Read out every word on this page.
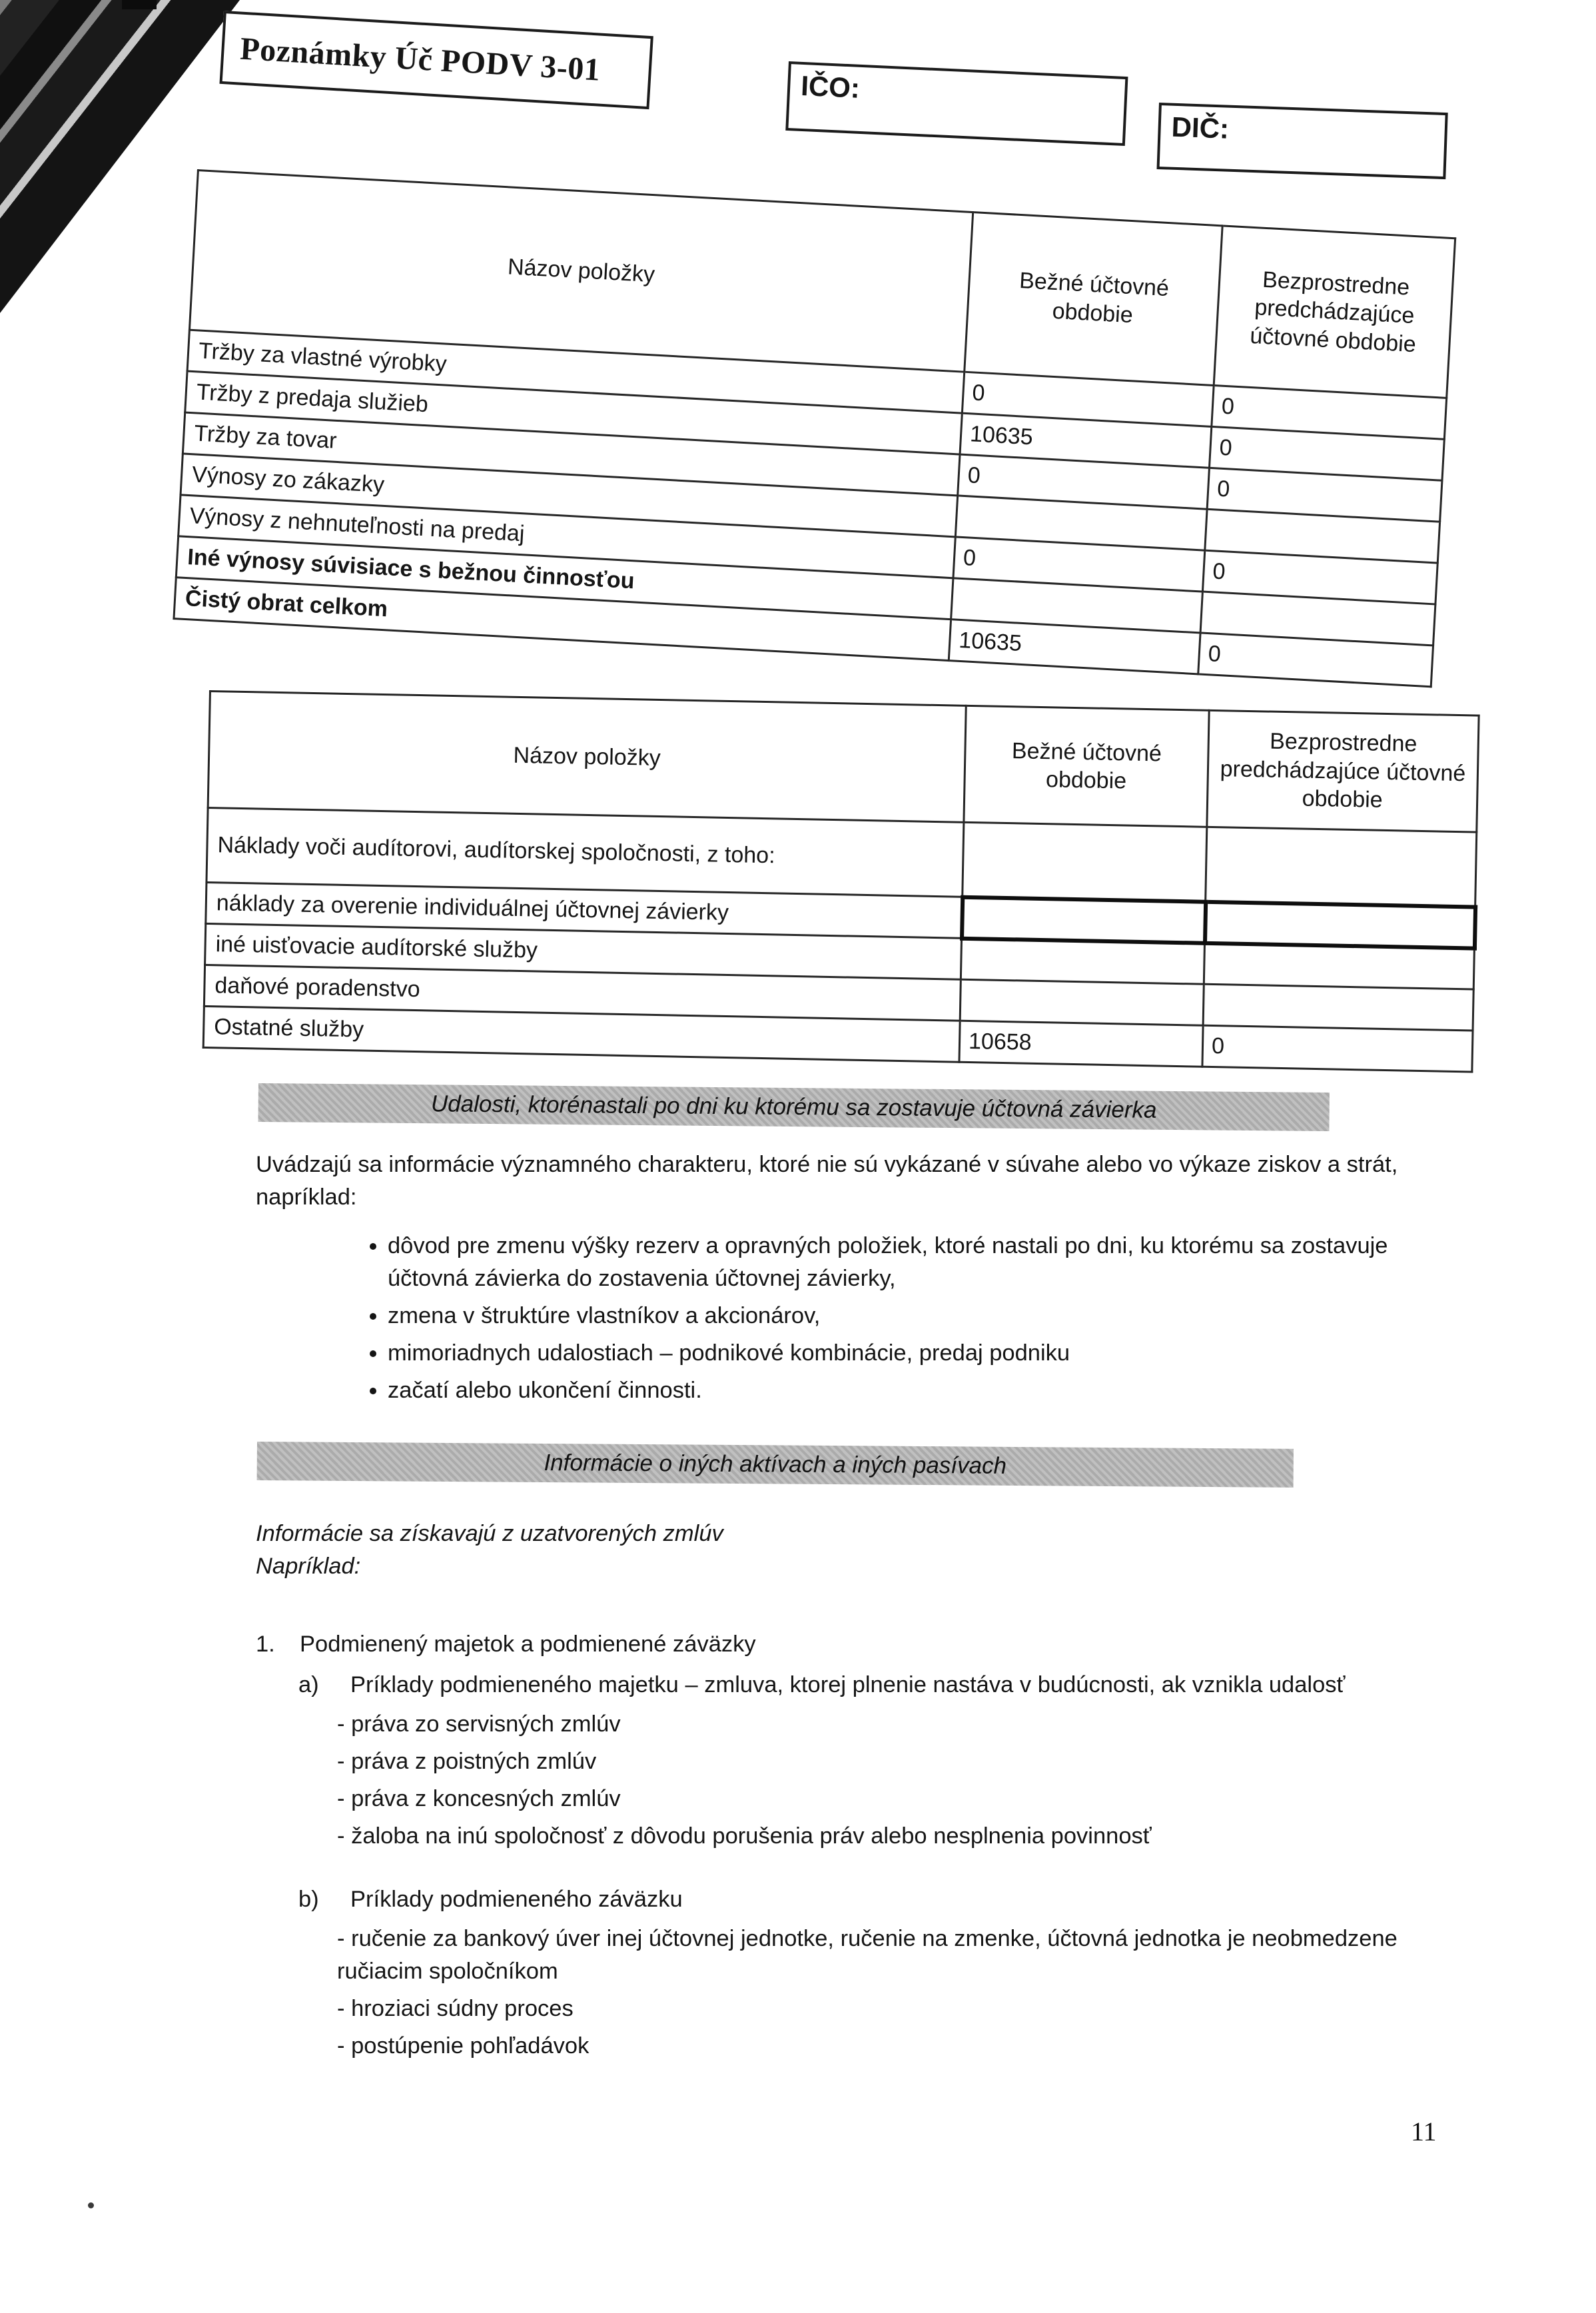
Poznámky Úč PODV 3-01	IČO:
DIČ:
Názov položky	Bežné účtovné obdobie	Bezprostredne predchádzajúce účtovné obdobie
Tržby za vlastné výrobky	0	0
Tržby z predaja služieb	10635	0
Tržby za tovar	0	0
Výnosy zo zákazky		
Výnosy z nehnuteľnosti na predaj	0	0
Iné výnosy súvisiace s bežnou činnosťou		
Čistý obrat celkom	10635	0
Názov položky	Bežné účtovné obdobie	Bezprostredne predchádzajúce účtovné obdobie
Náklady voči audítorovi, audítorskej spoločnosti, z toho:		
náklady za overenie individuálnej účtovnej závierky		
iné uisťovacie audítorské služby		
daňové poradenstvo		
Ostatné služby	10658	0
Udalosti, ktorénastali po dni ku ktorému sa zostavuje účtovná závierka
Uvádzajú sa informácie významného charakteru, ktoré nie sú vykázané v súvahe alebo vo výkaze ziskov a strát, napríklad:
• dôvod pre zmenu výšky rezerv a opravných položiek, ktoré nastali po dni, ku ktorému sa zostavuje účtovná závierka do zostavenia účtovnej závierky,
• zmena v štruktúre vlastníkov a akcionárov,
• mimoriadnych udalostiach – podnikové kombinácie, predaj podniku
• začatí alebo ukončení činnosti.
Informácie o iných aktívach a iných pasívach
Informácie sa získavajú z uzatvorených zmlúv
Napríklad:
1.	Podmienený majetok a podmienené záväzky
a)	Príklady podmieneného majetku – zmluva, ktorej plnenie nastáva v budúcnosti, ak vznikla udalosť
- práva zo servisných zmlúv
- práva z poistných zmlúv
- práva z koncesných zmlúv
- žaloba na inú spoločnosť z dôvodu porušenia práv alebo nesplnenia povinnosť
b)	Príklady podmieneného záväzku
- ručenie za bankový úver inej účtovnej jednotke, ručenie na zmenke, účtovná jednotka je neobmedzene ručiacim spoločníkom
- hroziaci súdny proces
- postúpenie pohľadávok
11
